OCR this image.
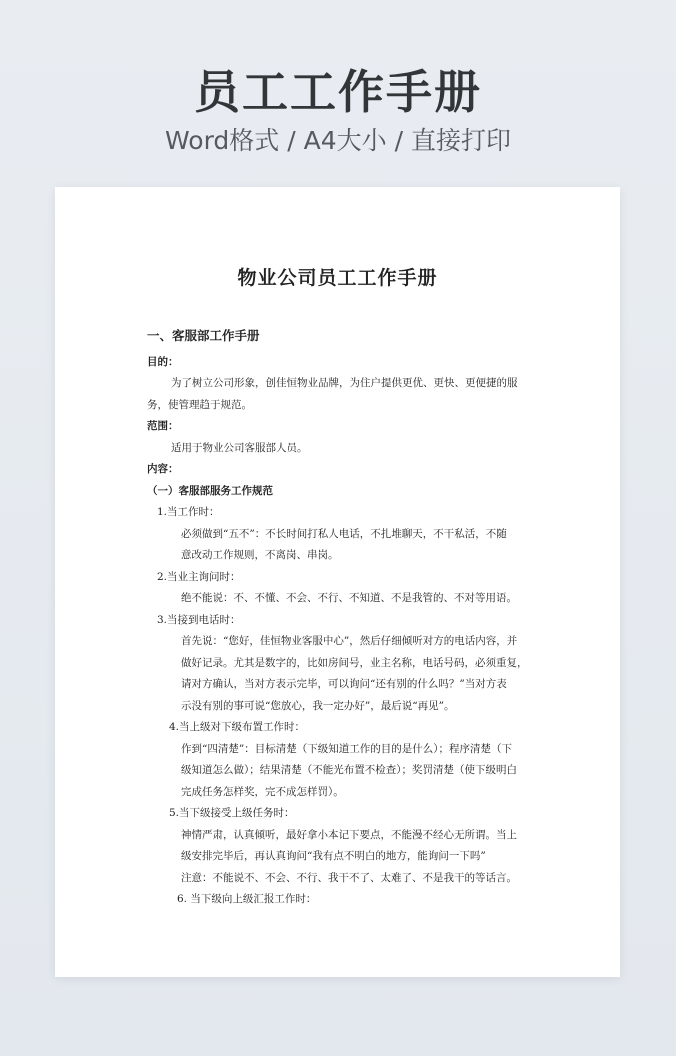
员工工作手册
Word格式 / A4大小 / 直接打印
物业公司员工工作手册
一、客服部工作手册
目的：
为了树立公司形象，创佳恒物业品牌，为住户提供更优、更快、更便捷的服
务，使管理趋于规范。
范围：
适用于物业公司客服部人员。
内容：
（一）客服部服务工作规范
1.当工作时：
必须做到“五不”：不长时间打私人电话，不扎堆聊天，不干私活，不随
意改动工作规则，不离岗、串岗。
2.当业主询问时：
绝不能说：不、不懂、不会、不行、不知道、不是我管的、不对等用语。
3.当接到电话时：
首先说：“您好，佳恒物业客服中心”，然后仔细倾听对方的电话内容，并
做好记录。尤其是数字的，比如房间号，业主名称，电话号码，必须重复，
请对方确认，当对方表示完毕，可以询问“还有别的什么吗？”当对方表
示没有别的事可说“您放心，我一定办好”，最后说“再见”。
4.当上级对下级布置工作时：
作到“四清楚”：目标清楚（下级知道工作的目的是什么）；程序清楚（下
级知道怎么做）；结果清楚（不能光布置不检查）；奖罚清楚（使下级明白
完成任务怎样奖，完不成怎样罚）。
5.当下级接受上级任务时：
神情严肃，认真倾听，最好拿小本记下要点，不能漫不经心无所谓。当上
级安排完毕后，再认真询问“我有点不明白的地方，能询问一下吗”
注意：不能说不、不会、不行、我干不了、太难了、不是我干的等话言。
6. 当下级向上级汇报工作时：
